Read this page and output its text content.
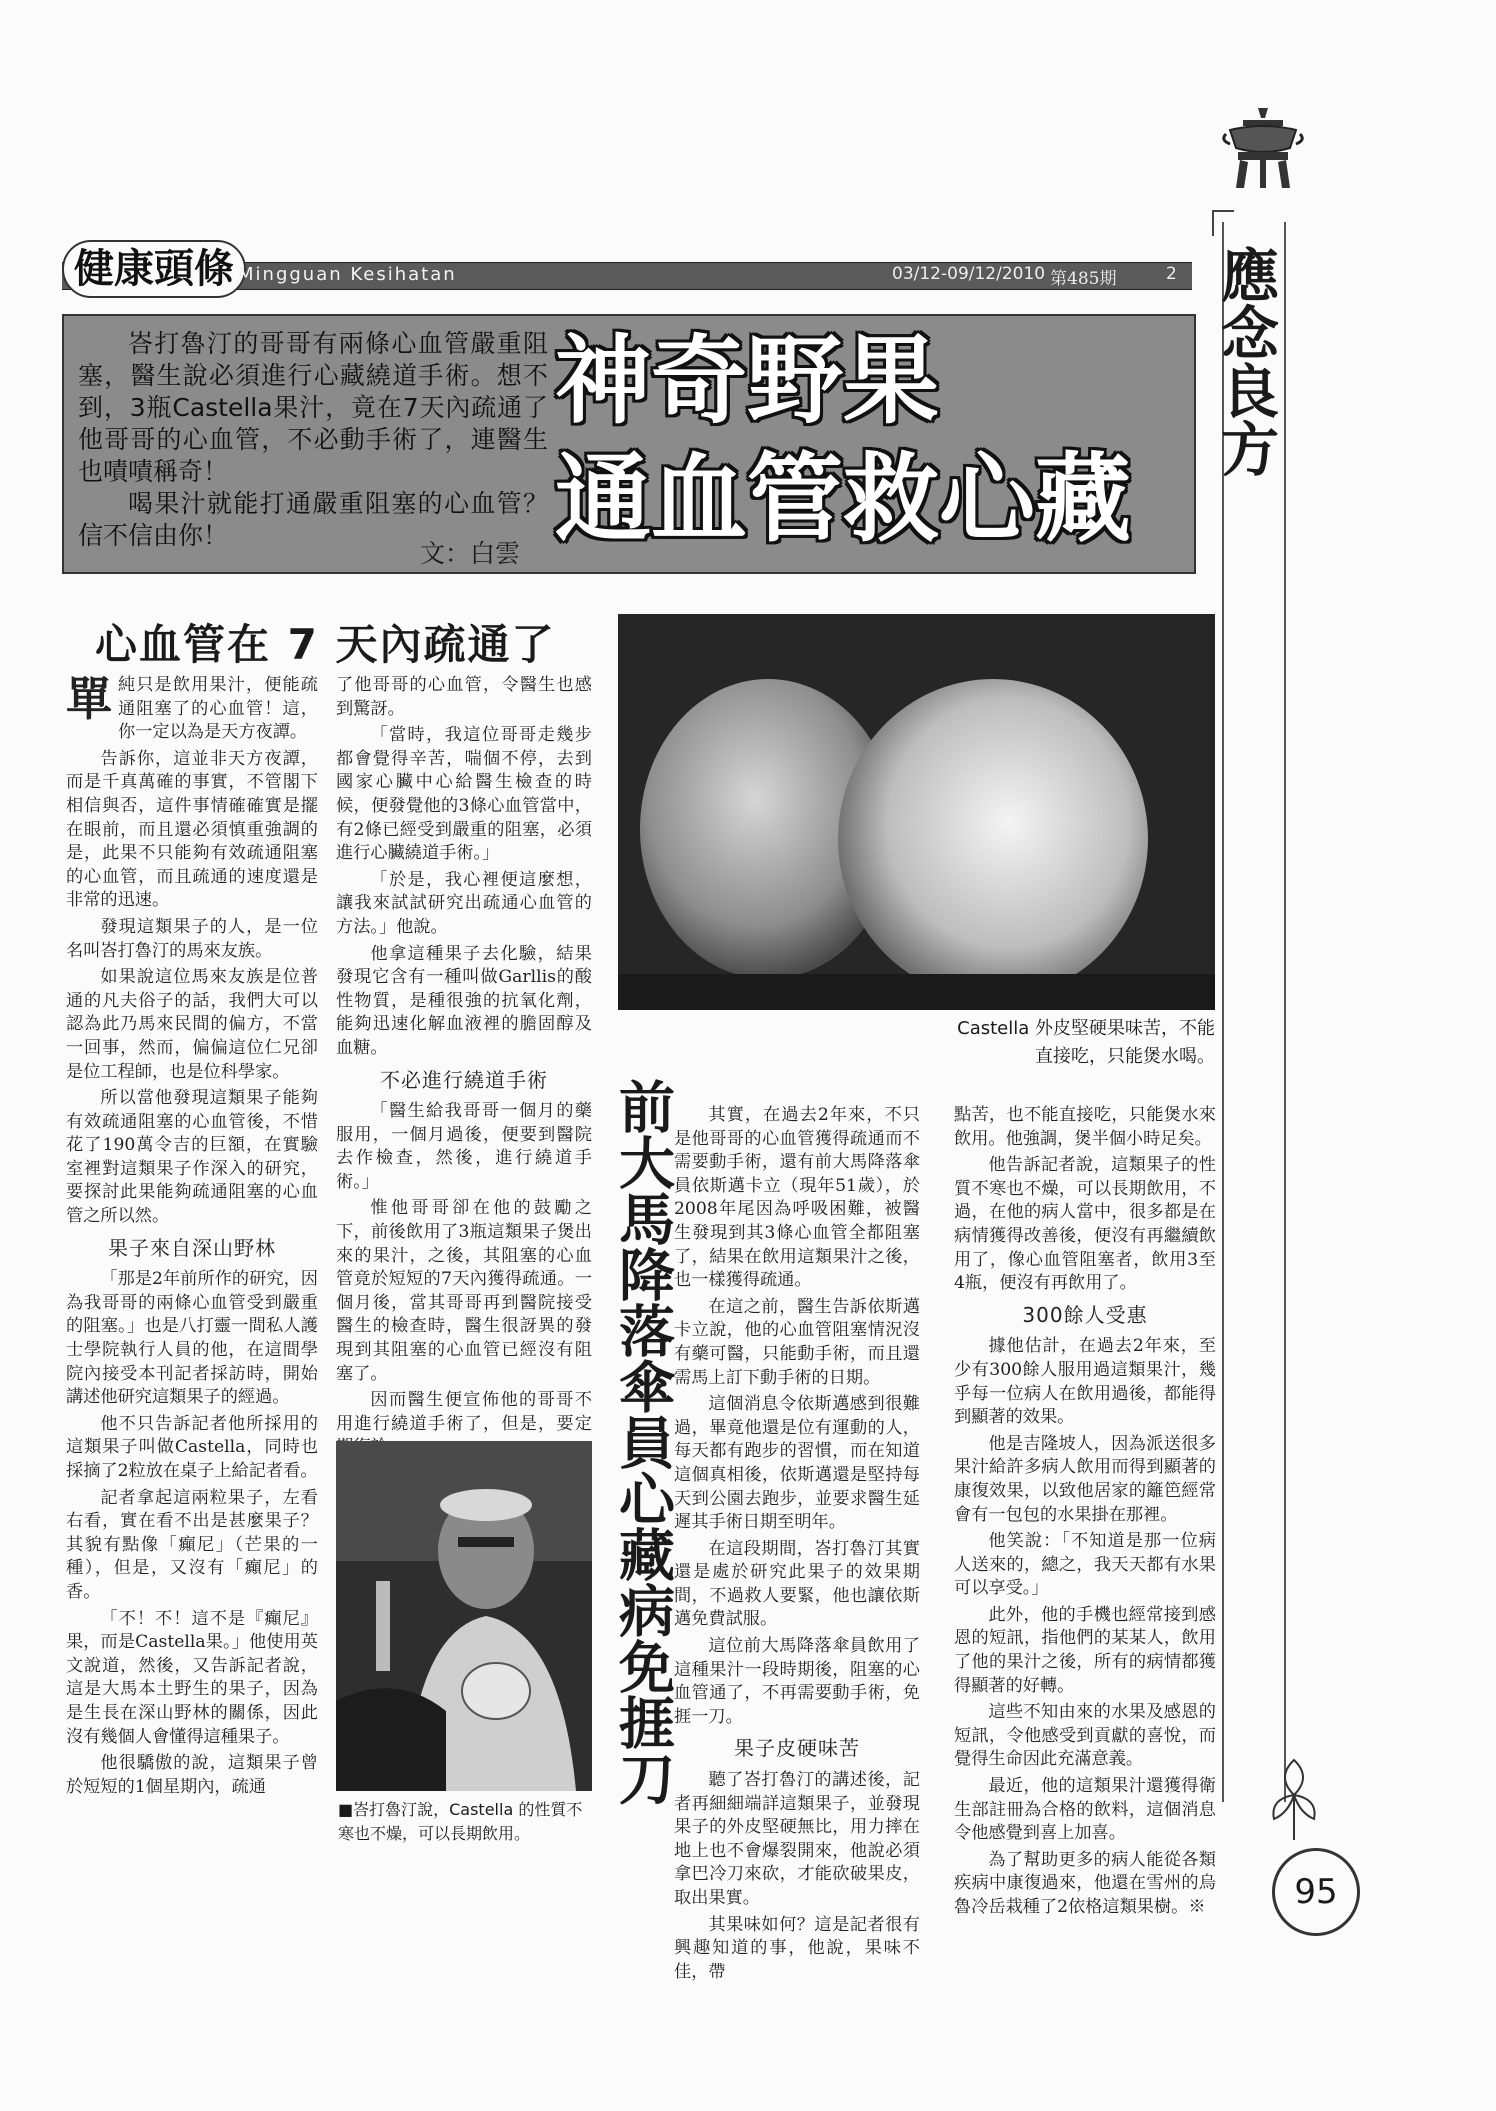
健康頭條 Mingguan Kesihatan	03/12-09/12/2010 第485期	2 應念良方
95

峇打魯汀的哥哥有兩條心血管嚴重阻塞，醫生說必須進行心藏繞道手術。想不到，3瓶Castella果汁，竟在7天內疏通了他哥哥的心血管，不必動手術了，連醫生也嘖嘖稱奇！

喝果汁就能打通嚴重阻塞的心血管？信不信由你！

文：白雲
神奇野果
通血管救心藏
心血管在 7 天內疏通了

單純只是飲用果汁，便能疏通阻塞了的心血管！這，你一定以為是天方夜譚。

告訴你，這並非天方夜譚，而是千真萬確的事實，不管閣下相信與否，這件事情確確實是擺在眼前，而且還必須慎重強調的是，此果不只能夠有效疏通阻塞的心血管，而且疏通的速度還是非常的迅速。

發現這類果子的人，是一位名叫峇打魯汀的馬來友族。

如果說這位馬來友族是位普通的凡夫俗子的話，我們大可以認為此乃馬來民間的偏方，不當一回事，然而，偏偏這位仁兄卻是位工程師，也是位科學家。

所以當他發現這類果子能夠有效疏通阻塞的心血管後，不惜花了190萬令吉的巨額，在實驗室裡對這類果子作深入的研究，要探討此果能夠疏通阻塞的心血管之所以然。

果子來自深山野林

「那是2年前所作的研究，因為我哥哥的兩條心血管受到嚴重的阻塞。」也是八打靈一間私人護士學院執行人員的他，在這間學院內接受本刊記者採訪時，開始講述他研究這類果子的經過。

他不只告訴記者他所採用的這類果子叫做Castella，同時也採摘了2粒放在桌子上給記者看。

記者拿起這兩粒果子，左看右看，實在看不出是甚麼果子？其貌有點像「癲尼」（芒果的一種），但是，又沒有「癲尼」的香。

「不！不！這不是『癲尼』果，而是Castella果。」他使用英文說道，然後，又告訴記者說，這是大馬本土野生的果子，因為是生長在深山野林的關係，因此沒有幾個人會懂得這種果子。

他很驕傲的說，這類果子曾於短短的1個星期內，疏通

了他哥哥的心血管，令醫生也感到驚訝。

「當時，我這位哥哥走幾步都會覺得辛苦，喘個不停，去到國家心臟中心給醫生檢查的時候，便發覺他的3條心血管當中，有2條已經受到嚴重的阻塞，必須進行心臟繞道手術。」

「於是，我心裡便這麼想，讓我來試試研究出疏通心血管的方法。」他說。

他拿這種果子去化驗，結果發現它含有一種叫做Garllis的酸性物質，是種很強的抗氧化劑，能夠迅速化解血液裡的膽固醇及血糖。

不必進行繞道手術

「醫生給我哥哥一個月的藥服用，一個月過後，便要到醫院去作檢查，然後，進行繞道手術。」

惟他哥哥卻在他的鼓勵之下，前後飲用了3瓶這類果子煲出來的果汁，之後，其阻塞的心血管竟於短短的7天內獲得疏通。一個月後，當其哥哥再到醫院接受醫生的檢查時，醫生很訝異的發現到其阻塞的心血管已經沒有阻塞了。

因而醫生便宣佈他的哥哥不用進行繞道手術了，但是，要定

■峇打魯汀說，Castella 的性質不寒也不燥，可以長期飲用。
Castella 外皮堅硬果味苦，不能直接吃，只能煲水喝。
前大馬降落傘員心藏病免捱刀	其實，在過去2年來，不只是他哥哥的心血管獲得疏通而不需要動手術，還有前大馬降落傘員依斯邁卡立（現年51歲），於2008年尾因為呼吸困難，被醫生發現到其3條心血管全都阻塞了，結果在飲用這類果汁之後，也一樣獲得疏通。

在這之前，醫生告訴依斯邁卡立說，他的心血管阻塞情況沒有藥可醫，只能動手術，而且還需馬上訂下動手術的日期。

這個消息令依斯邁感到很難過，畢竟他還是位有運動的人，每天都有跑步的習慣，而在知道這個真相後，依斯邁還是堅持每天到公園去跑步，並要求醫生延遲其手術日期至明年。

在這段期間，峇打魯汀其實還是處於研究此果子的效果期間，不過救人要緊，他也讓依斯邁免費試服。

這位前大馬降落傘員飲用了這種果汁一段時期後，阻塞的心血管通了，不再需要動手術，免捱一刀。

果子皮硬味苦

聽了峇打魯汀的講述後，記者再細細端詳這類果子，並發現果子的外皮堅硬無比，用力摔在地上也不會爆裂開來，他說必須拿巴冷刀來砍，才能砍破果皮，取出果實。

其果味如何？這是記者很有興趣知道的事，他說，果味不佳，帶

點苦，也不能直接吃，只能煲水來飲用。他強調，煲半個小時足矣。

他告訴記者說，這類果子的性質不寒也不燥，可以長期飲用，不過，在他的病人當中，很多都是在病情獲得改善後，便沒有再繼續飲用了，像心血管阻塞者，飲用3至4瓶，便沒有再飲用了。

300餘人受惠

據他估計，在過去2年來，至少有300餘人服用過這類果汁，幾乎每一位病人在飲用過後，都能得到顯著的效果。

他是吉隆坡人，因為派送很多果汁給許多病人飲用而得到顯著的康復效果，以致他居家的籬笆經常會有一包包的水果掛在那裡。

他笑說：「不知道是那一位病人送來的，總之，我天天都有水果可以享受。」

此外，他的手機也經常接到感恩的短訊，指他們的某某人，飲用了他的果汁之後，所有的病情都獲得顯著的好轉。

這些不知由來的水果及感恩的短訊，令他感受到貢獻的喜悅，而覺得生命因此充滿意義。

最近，他的這類果汁還獲得衛生部註冊為合格的飲料，這個消息令他感覺到喜上加喜。

為了幫助更多的病人能從各類疾病中康復過來，他還在雪州的烏魯冷岳栽種了2依格這類果樹。※
